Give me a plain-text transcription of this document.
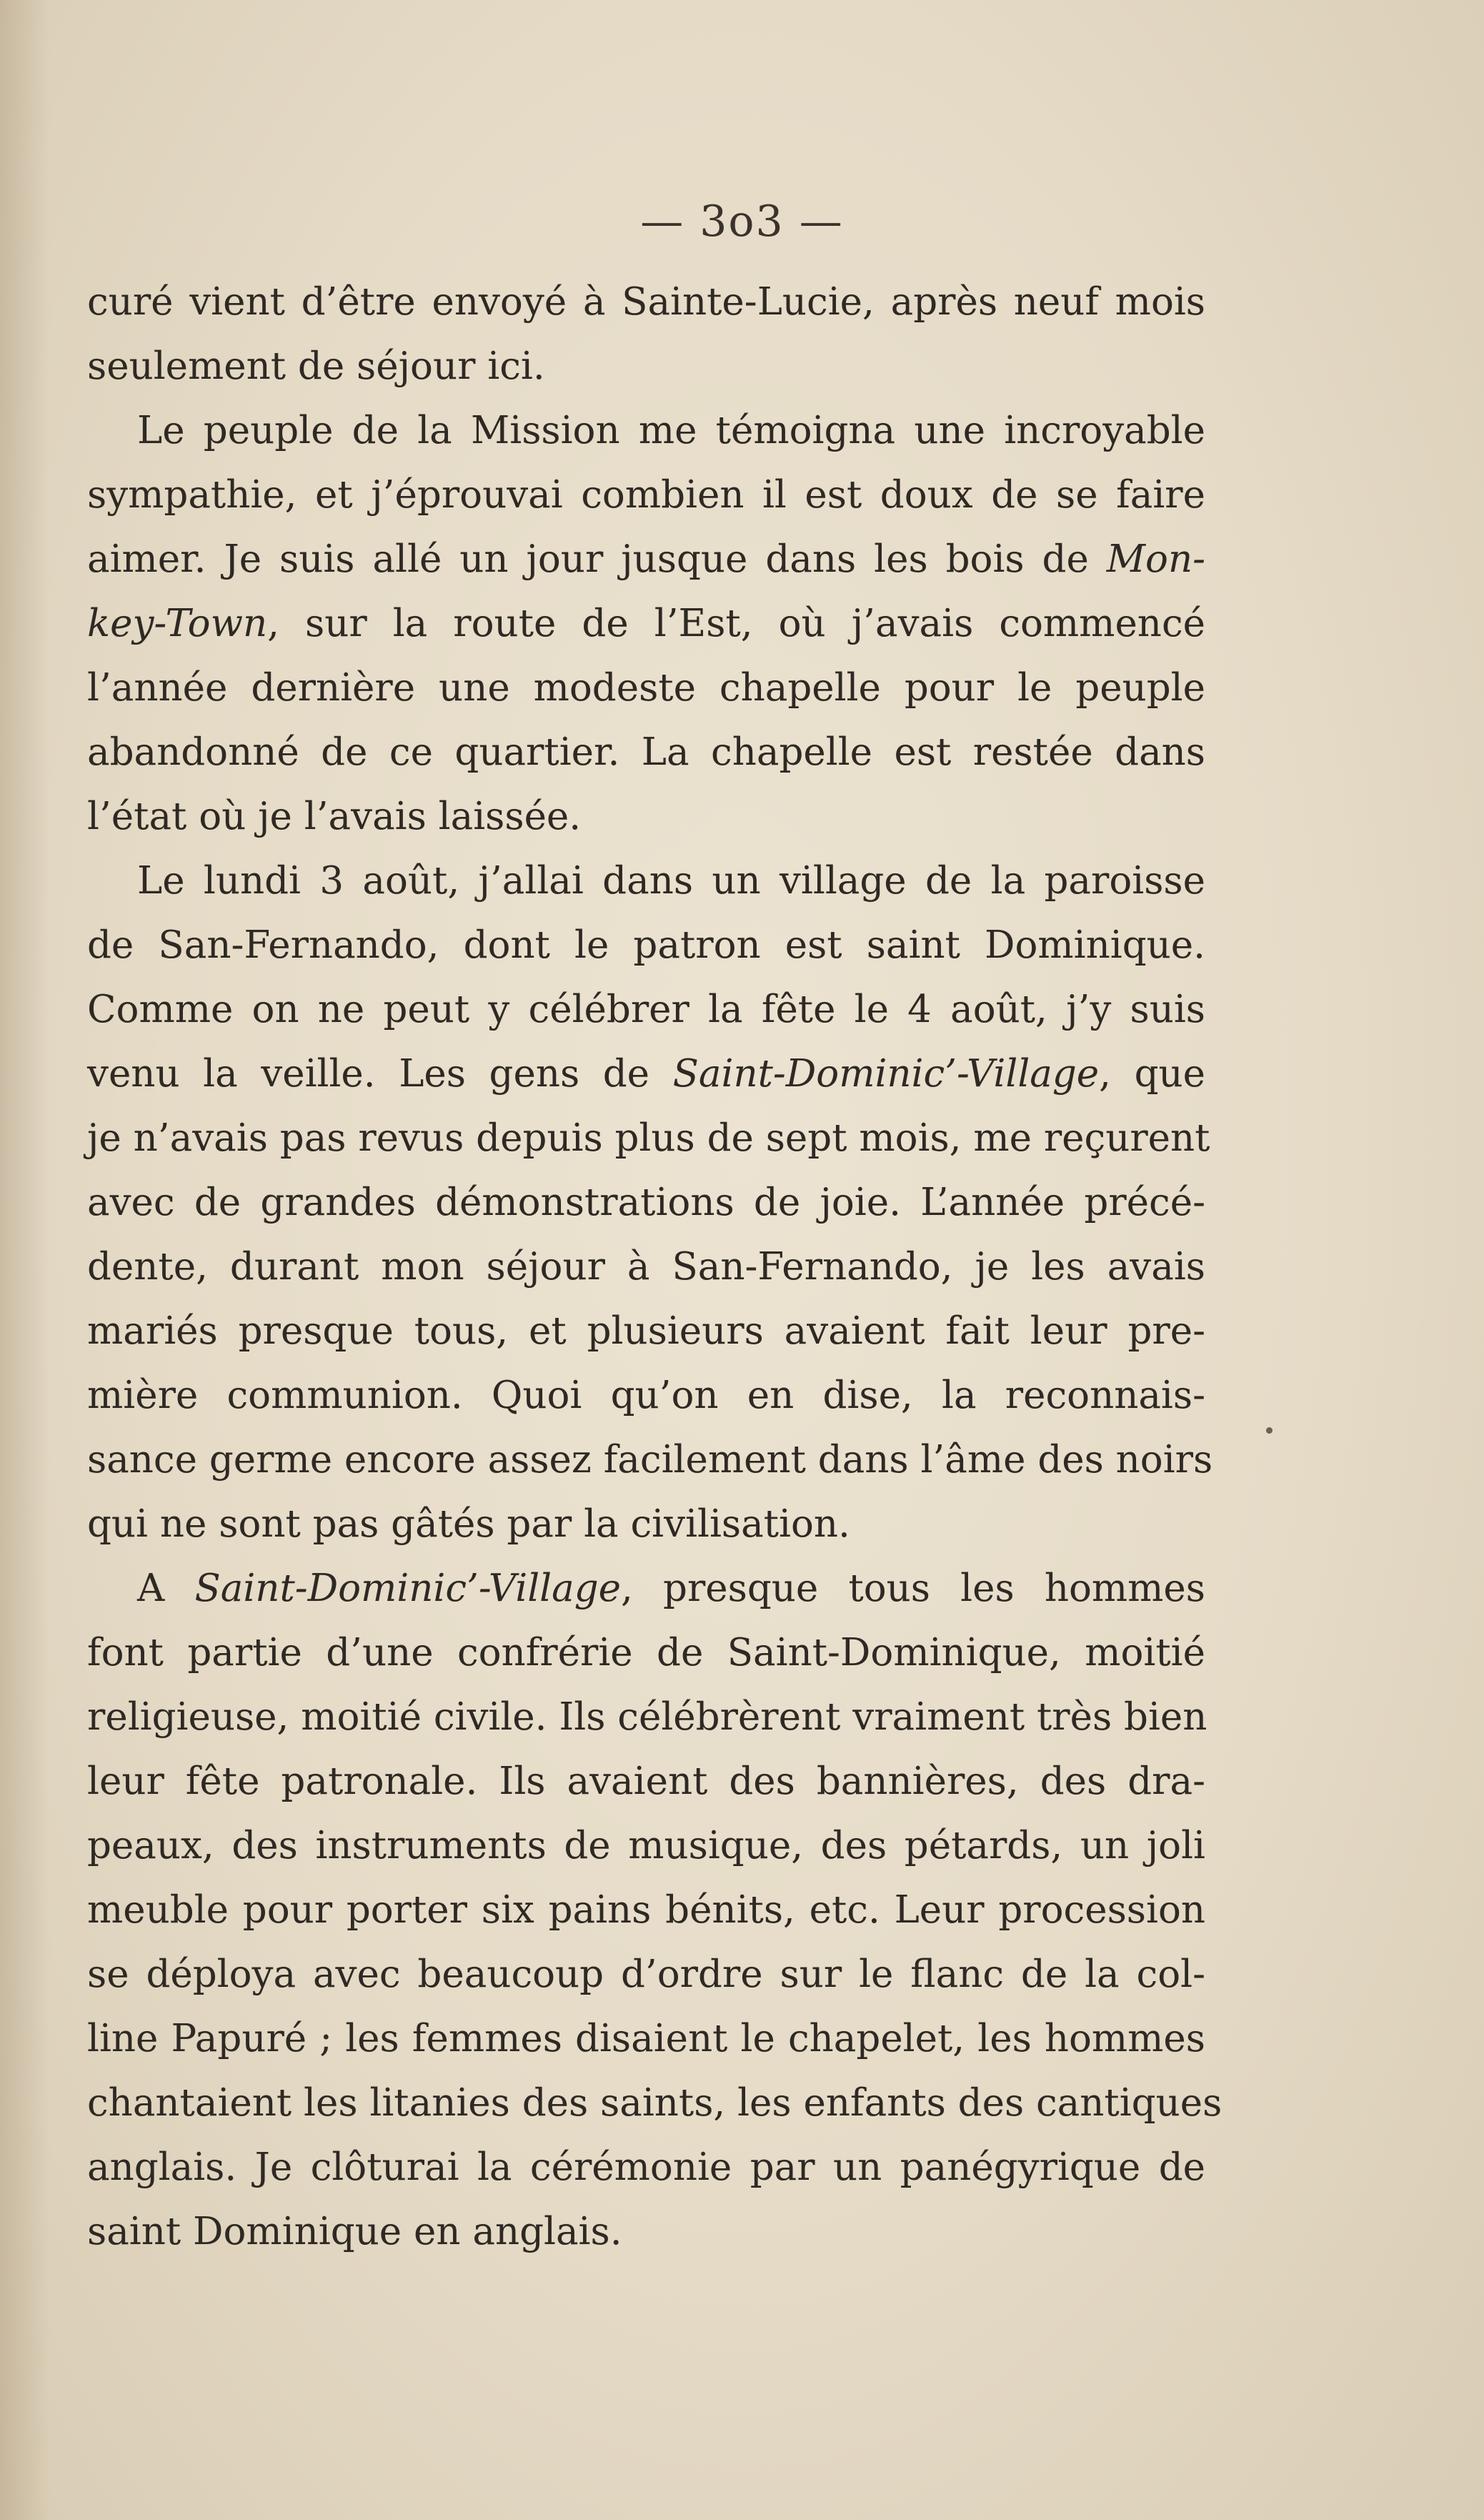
— 3o3 —
curé vient d’être envoyé à Sainte-Lucie, après neuf mois
seulement de séjour ici.
Le peuple de la Mission me témoigna une incroyable
sympathie, et j’éprouvai combien il est doux de se faire
aimer. Je suis allé un jour jusque dans les bois de Mon-
key-Town, sur la route de l’Est, où j’avais commencé
l’année dernière une modeste chapelle pour le peuple
abandonné de ce quartier. La chapelle est restée dans
l’état où je l’avais laissée.
Le lundi 3 août, j’allai dans un village de la paroisse
de San-Fernando, dont le patron est saint Dominique.
Comme on ne peut y célébrer la fête le 4 août, j’y suis
venu la veille. Les gens de Saint-Dominic’-Village, que
je n’avais pas revus depuis plus de sept mois, me reçurent
avec de grandes démonstrations de joie. L’année précé-
dente, durant mon séjour à San-Fernando, je les avais
mariés presque tous, et plusieurs avaient fait leur pre-
mière communion. Quoi qu’on en dise, la reconnais-
sance germe encore assez facilement dans l’âme des noirs
qui ne sont pas gâtés par la civilisation.
A Saint-Dominic’-Village, presque tous les hommes
font partie d’une confrérie de Saint-Dominique, moitié
religieuse, moitié civile. Ils célébrèrent vraiment très bien
leur fête patronale. Ils avaient des bannières, des dra-
peaux, des instruments de musique, des pétards, un joli
meuble pour porter six pains bénits, etc. Leur procession
se déploya avec beaucoup d’ordre sur le flanc de la col-
line Papuré ; les femmes disaient le chapelet, les hommes
chantaient les litanies des saints, les enfants des cantiques
anglais. Je clôturai la cérémonie par un panégyrique de
saint Dominique en anglais.
